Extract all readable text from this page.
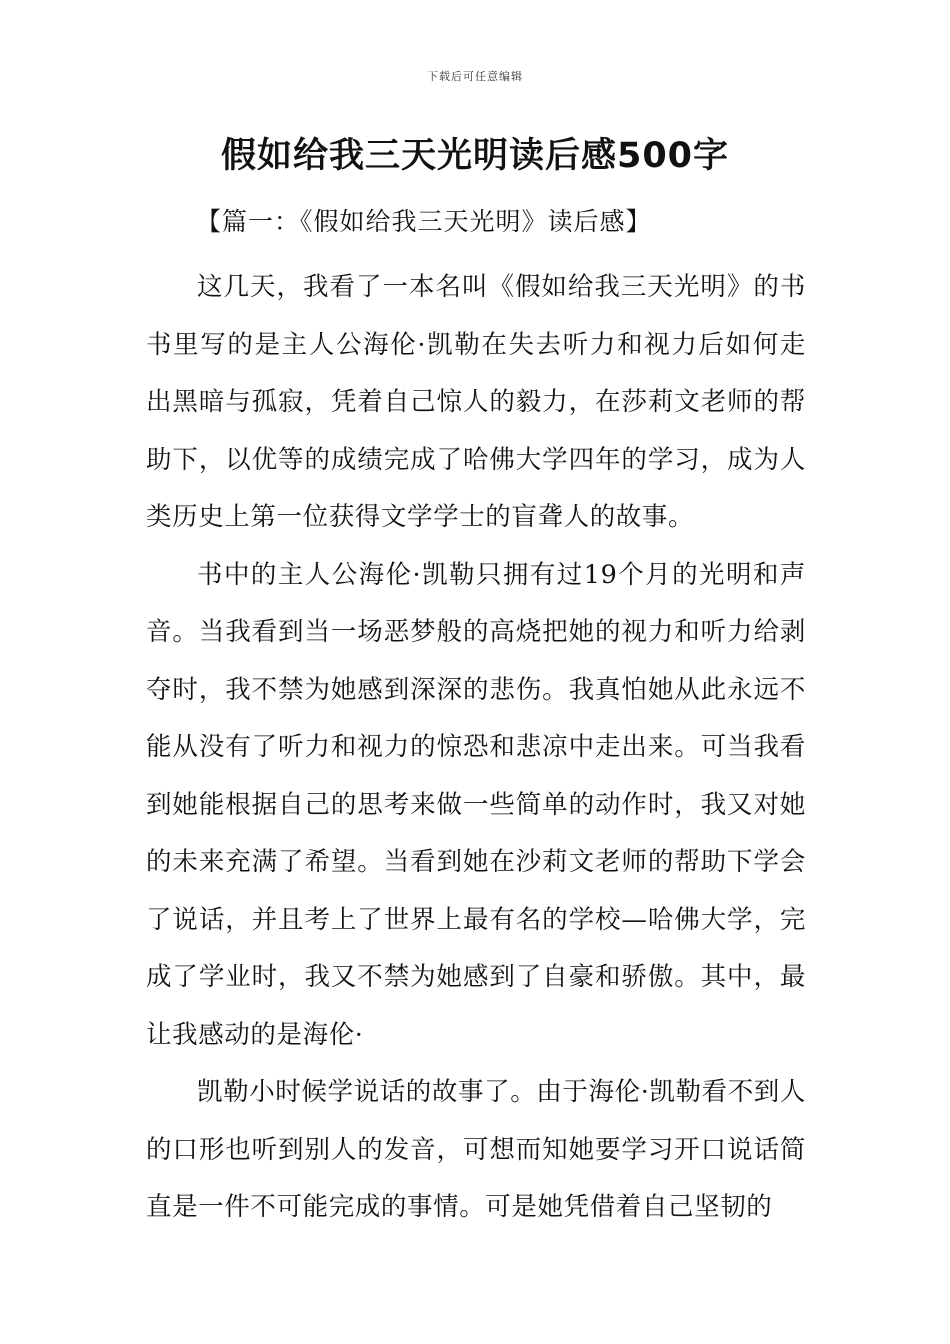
下载后可任意编辑
假如给我三天光明读后感500字
【篇一：《假如给我三天光明》读后感】

这几天，我看了一本名叫《假如给我三天光明》的书书里写的是主人公海伦·凯勒在失去听力和视力后如何走出黑暗与孤寂，凭着自己惊人的毅力，在莎莉文老师的帮助下，以优等的成绩完成了哈佛大学四年的学习，成为人类历史上第一位获得文学学士的盲聋人的故事。

书中的主人公海伦·凯勒只拥有过19个月的光明和声音。当我看到当一场恶梦般的高烧把她的视力和听力给剥夺时，我不禁为她感到深深的悲伤。我真怕她从此永远不能从没有了听力和视力的惊恐和悲凉中走出来。可当我看到她能根据自己的思考来做一些简单的动作时，我又对她的未来充满了希望。当看到她在沙莉文老师的帮助下学会了说话，并且考上了世界上最有名的学校—哈佛大学，完成了学业时，我又不禁为她感到了自豪和骄傲。其中，最让我感动的是海伦·

凯勒小时候学说话的故事了。由于海伦·凯勒看不到人的口形也听到别人的发音，可想而知她要学习开口说话简直是一件不可能完成的事情。可是她凭借着自己坚韧的
